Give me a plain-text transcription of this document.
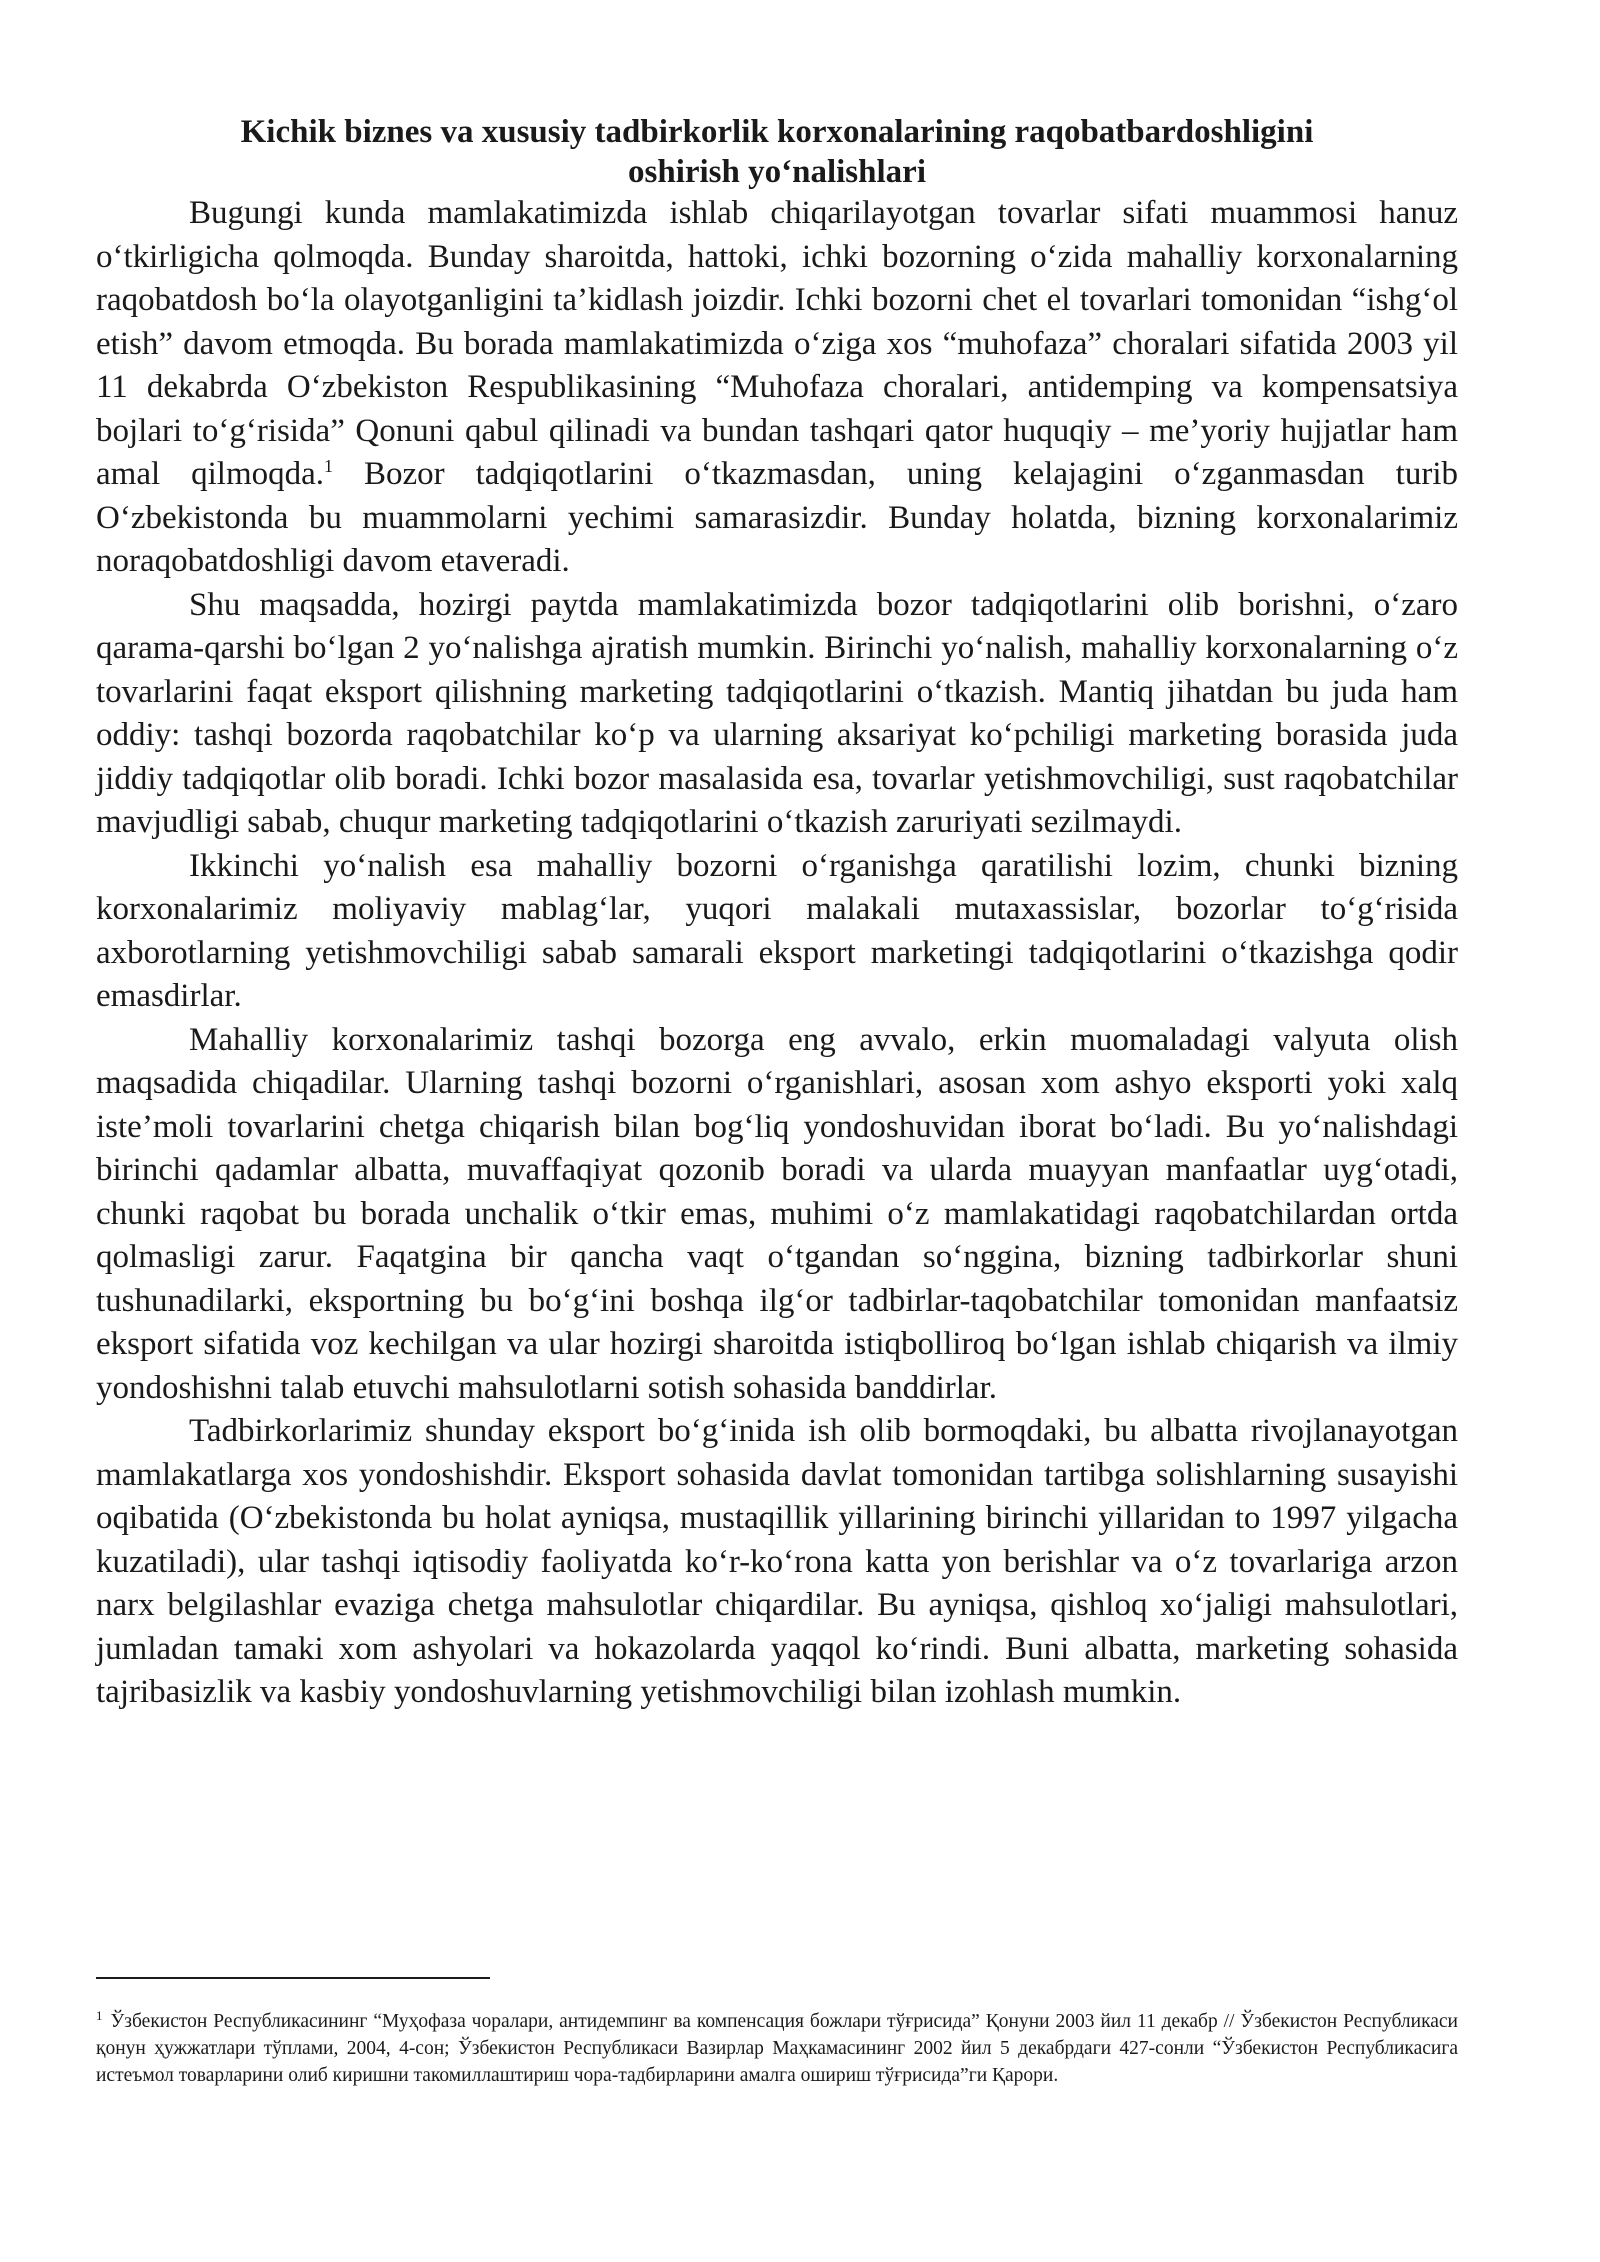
Kichik biznes va xususiy tadbirkorlik korxonalarining raqobatbardoshligini
oshirish yo‘nalishlari

Bugungi kunda mamlakatimizda ishlab chiqarilayotgan tovarlar sifati muammosi hanuz o‘tkirligicha qolmoqda. Bunday sharoitda, hattoki, ichki bozorning o‘zida mahalliy korxonalarning raqobatdosh bo‘la olayotganligini ta’kidlash joizdir. Ichki bozorni chet el tovarlari tomonidan “ishg‘ol etish” davom etmoqda. Bu borada mamlakatimizda o‘ziga xos “muhofaza” choralari sifatida 2003 yil 11 dekabrda O‘zbekiston Respublikasining “Muhofaza choralari, antidemping va kompensatsiya bojlari to‘g‘risida” Qonuni qabul qilinadi va bundan tashqari qator huquqiy – me’yoriy hujjatlar ham amal qilmoqda.$^1$ Bozor tadqiqotlarini o‘tkazmasdan, uning kelajagini o‘zganmasdan turib O‘zbekistonda bu muammolarni yechimi samarasizdir. Bunday holatda, bizning korxonalarimiz noraqobatdoshligi davom etaveradi.

Shu maqsadda, hozirgi paytda mamlakatimizda bozor tadqiqotlarini olib borishni, o‘zaro qarama-qarshi bo‘lgan 2 yo‘nalishga ajratish mumkin. Birinchi yo‘nalish, mahalliy korxonalarning o‘z tovarlarini faqat eksport qilishning marketing tadqiqotlarini o‘tkazish. Mantiq jihatdan bu juda ham oddiy: tashqi bozorda raqobatchilar ko‘p va ularning aksariyat ko‘pchiligi marketing borasida juda jiddiy tadqiqotlar olib boradi. Ichki bozor masalasida esa, tovarlar yetishmovchiligi, sust raqobatchilar mavjudligi sabab, chuqur marketing tadqiqotlarini o‘tkazish zaruriyati sezilmaydi.

Ikkinchi yo‘nalish esa mahalliy bozorni o‘rganishga qaratilishi lozim, chunki bizning korxonalarimiz moliyaviy mablag‘lar, yuqori malakali mutaxassislar, bozorlar to‘g‘risida axborotlarning yetishmovchiligi sabab samarali eksport marketingi tadqiqotlarini o‘tkazishga qodir emasdirlar.

Mahalliy korxonalarimiz tashqi bozorga eng avvalo, erkin muomaladagi valyuta olish maqsadida chiqadilar. Ularning tashqi bozorni o‘rganishlari, asosan xom ashyo eksporti yoki xalq iste’moli tovarlarini chetga chiqarish bilan bog‘liq yondoshuvidan iborat bo‘ladi. Bu yo‘nalishdagi birinchi qadamlar albatta, muvaffaqiyat qozonib boradi va ularda muayyan manfaatlar uyg‘otadi, chunki raqobat bu borada unchalik o‘tkir emas, muhimi o‘z mamlakatidagi raqobatchilardan ortda qolmasligi zarur. Faqatgina bir qancha vaqt o‘tgandan so‘nggina, bizning tadbirkorlar shuni tushunadilarki, eksportning bu bo‘g‘ini boshqa ilg‘or tadbirlar-taqobatchilar tomonidan manfaatsiz eksport sifatida voz kechilgan va ular hozirgi sharoitda istiqbolliroq bo‘lgan ishlab chiqarish va ilmiy yondoshishni talab etuvchi mahsulotlarni sotish sohasida banddirlar.

Tadbirkorlarimiz shunday eksport bo‘g‘inida ish olib bormoqdaki, bu albatta rivojlanayotgan mamlakatlarga xos yondoshishdir. Eksport sohasida davlat tomonidan tartibga solishlarning susayishi oqibatida (O‘zbekistonda bu holat ayniqsa, mustaqillik yillarining birinchi yillaridan to 1997 yilgacha kuzatiladi), ular tashqi iqtisodiy faoliyatda ko‘r-ko‘rona katta yon berishlar va o‘z tovarlariga arzon narx belgilashlar evaziga chetga mahsulotlar chiqardilar. Bu ayniqsa, qishloq xo‘jaligi mahsulotlari, jumladan tamaki xom ashyolari va hokazolarda yaqqol ko‘rindi. Buni albatta, marketing sohasida tajribasizlik va kasbiy yondoshuvlarning yetishmovchiligi bilan izohlash mumkin.

$^1$ Ўзбекистон Республикасининг “Муҳофаза чоралари, антидемпинг ва компенсация божлари тўғрисида” Қонуни 2003 йил 11 декабр // Ўзбекистон Республикаси қонун ҳужжатлари тўплами, 2004, 4-сон; Ўзбекистон Республикаси Вазирлар Маҳкамасининг 2002 йил 5 декабрдаги 427-сонли “Ўзбекистон Республикасига истеъмол товарларини олиб киришни такомиллаштириш чора-тадбирларини амалга ошириш тўғрисида”ги Қарори.
